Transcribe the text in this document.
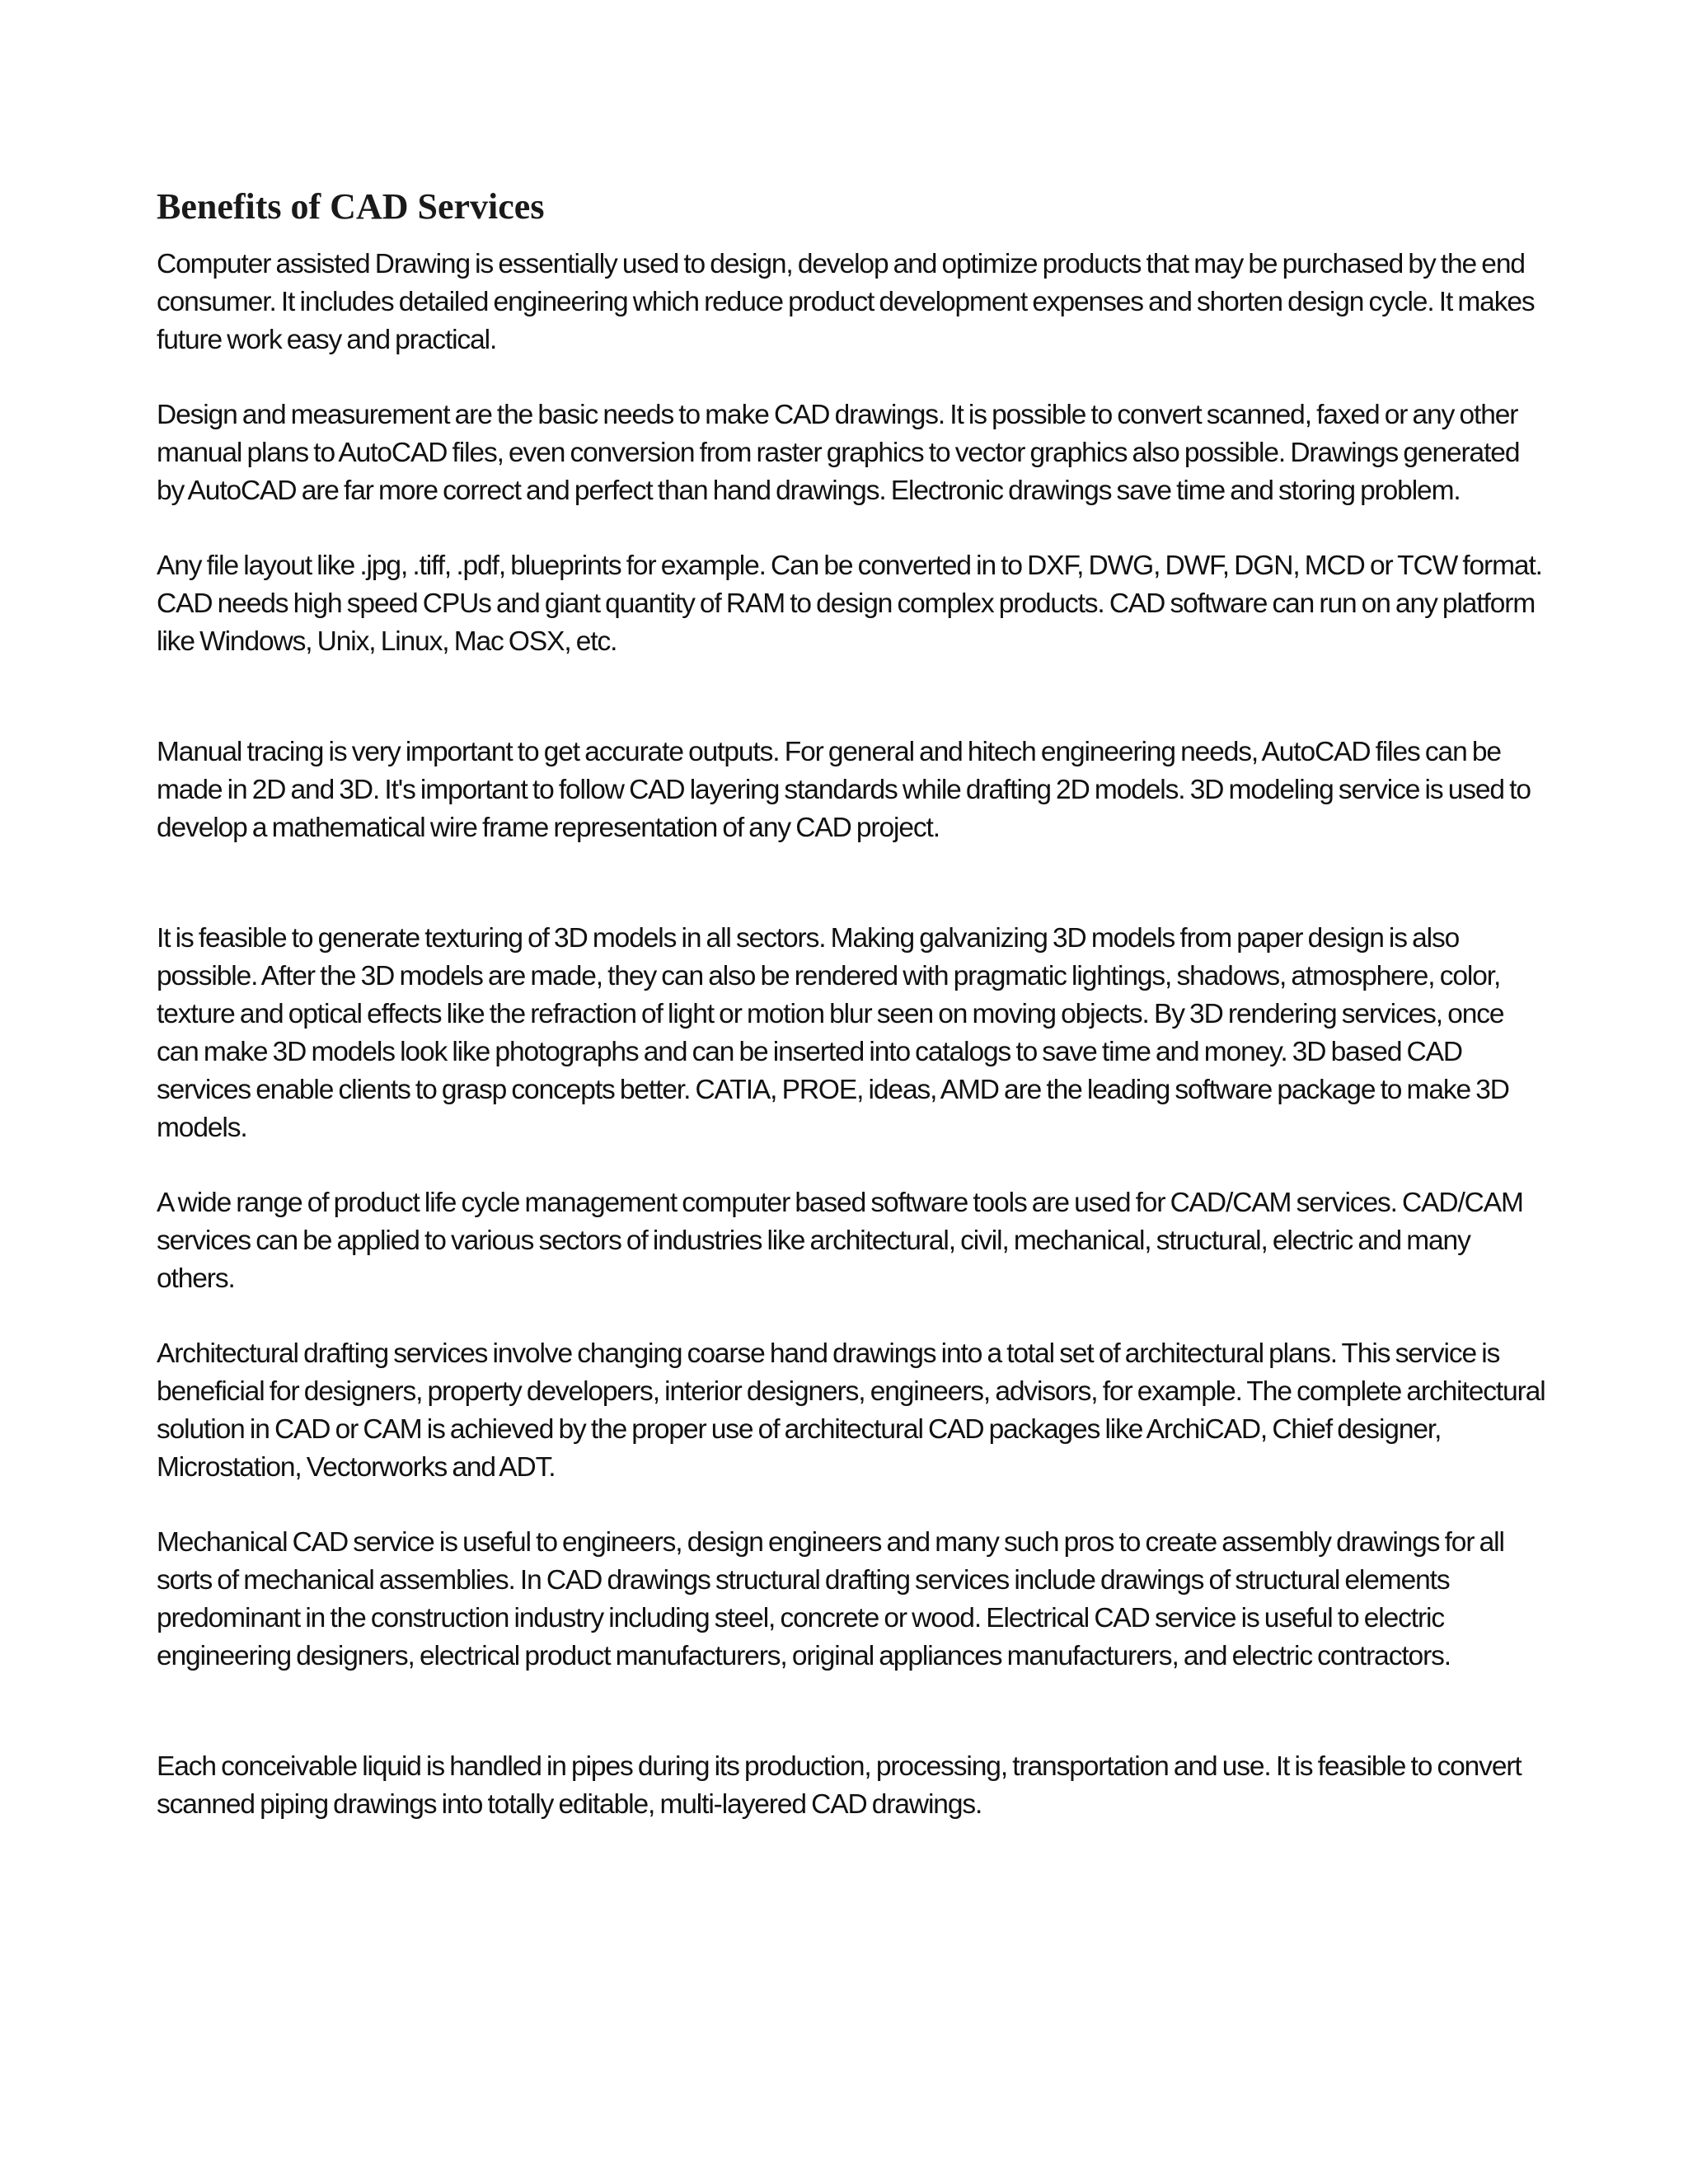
Benefits of CAD Services

Computer assisted Drawing is essentially used to design, develop and optimize products that may be purchased by the end consumer. It includes detailed engineering which reduce product development expenses and shorten design cycle. It makes future work easy and practical.

Design and measurement are the basic needs to make CAD drawings. It is possible to convert scanned, faxed or any other manual plans to AutoCAD files, even conversion from raster graphics to vector graphics also possible. Drawings generated by AutoCAD are far more correct and perfect than hand drawings. Electronic drawings save time and storing problem.

Any file layout like .jpg, .tiff, .pdf, blueprints for example. Can be converted in to DXF, DWG, DWF, DGN, MCD or TCW format. CAD needs high speed CPUs and giant quantity of RAM to design complex products. CAD software can run on any platform like Windows, Unix, Linux, Mac OSX, etc.

Manual tracing is very important to get accurate outputs. For general and hitech engineering needs, AutoCAD files can be made in 2D and 3D. It's important to follow CAD layering standards while drafting 2D models. 3D modeling service is used to develop a mathematical wire frame representation of any CAD project.

It is feasible to generate texturing of 3D models in all sectors. Making galvanizing 3D models from paper design is also possible. After the 3D models are made, they can also be rendered with pragmatic lightings, shadows, atmosphere, color, texture and optical effects like the refraction of light or motion blur seen on moving objects. By 3D rendering services, once can make 3D models look like photographs and can be inserted into catalogs to save time and money. 3D based CAD services enable clients to grasp concepts better. CATIA, PROE, ideas, AMD are the leading software package to make 3D models.

A wide range of product life cycle management computer based software tools are used for CAD/CAM services. CAD/CAM services can be applied to various sectors of industries like architectural, civil, mechanical, structural, electric and many others.

Architectural drafting services involve changing coarse hand drawings into a total set of architectural plans. This service is beneficial for designers, property developers, interior designers, engineers, advisors, for example. The complete architectural solution in CAD or CAM is achieved by the proper use of architectural CAD packages like ArchiCAD, Chief designer, Microstation, Vectorworks and ADT.

Mechanical CAD service is useful to engineers, design engineers and many such pros to create assembly drawings for all sorts of mechanical assemblies. In CAD drawings structural drafting services include drawings of structural elements predominant in the construction industry including steel, concrete or wood. Electrical CAD service is useful to electric engineering designers, electrical product manufacturers, original appliances manufacturers, and electric contractors.

Each conceivable liquid is handled in pipes during its production, processing, transportation and use. It is feasible to convert scanned piping drawings into totally editable, multi-layered CAD drawings.
